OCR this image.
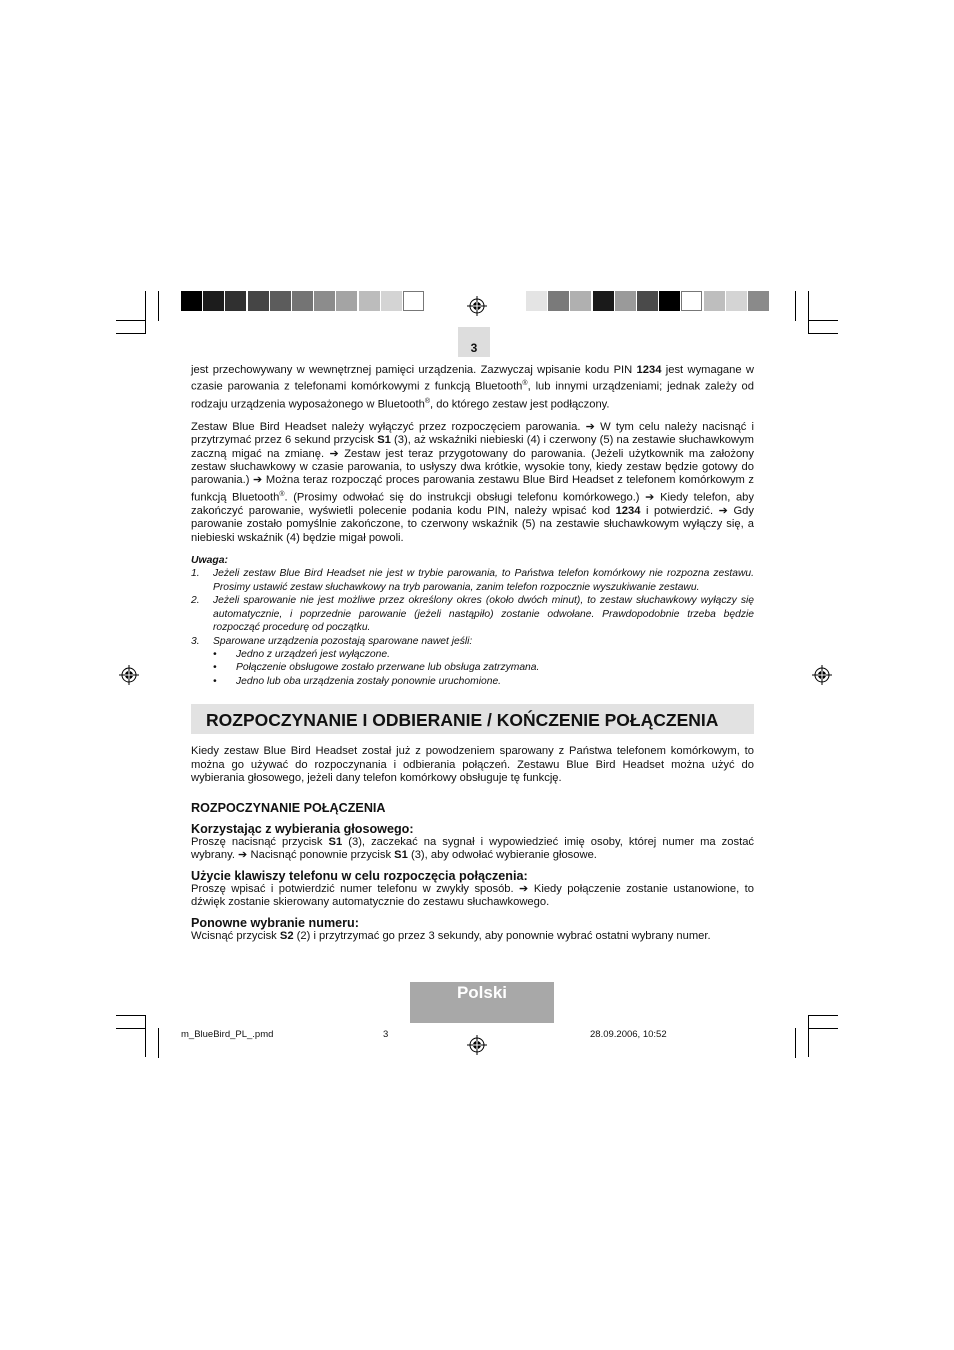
3

jest przechowywany w wewnętrznej pamięci urządzenia. Zazwyczaj wpisanie kodu PIN 1234 jest wymagane w czasie parowania z telefonami komórkowymi z funkcją Bluetooth®, lub innymi urządzeniami; jednak zależy od rodzaju urządzenia wyposażonego w Bluetooth®, do którego zestaw jest podłączony.

Zestaw Blue Bird Headset należy wyłączyć przez rozpoczęciem parowania. ➔ W tym celu należy nacisnąć i przytrzymać przez 6 sekund przycisk S1 (3), aż wskaźniki niebieski (4) i czerwony (5) na zestawie słuchawkowym zaczną migać na zmianę. ➔ Zestaw jest teraz przygotowany do parowania. (Jeżeli użytkownik ma założony zestaw słuchawkowy w czasie parowania, to usłyszy dwa krótkie, wysokie tony, kiedy zestaw będzie gotowy do parowania.) ➔ Można teraz rozpocząć proces parowania zestawu Blue Bird Headset z telefonem komórkowym z funkcją Bluetooth®. (Prosimy odwołać się do instrukcji obsługi telefonu komórkowego.) ➔ Kiedy telefon, aby zakończyć parowanie, wyświetli polecenie podania kodu PIN, należy wpisać kod 1234 i potwierdzić. ➔ Gdy parowanie zostało pomyślnie zakończone, to czerwony wskaźnik (5) na zestawie słuchawkowym wyłączy się, a niebieski wskaźnik (4) będzie migał powoli.

Uwaga:
1.	Jeżeli zestaw Blue Bird Headset nie jest w trybie parowania, to Państwa telefon komórkowy nie rozpozna zestawu. Prosimy ustawić zestaw słuchawkowy na tryb parowania, zanim telefon rozpocznie wyszukiwanie zestawu.
2.	Jeżeli sparowanie nie jest możliwe przez określony okres (około dwóch minut), to zestaw słuchawkowy wyłączy się automatycznie, i poprzednie parowanie (jeżeli nastąpiło) zostanie odwołane. Prawdopodobnie trzeba będzie rozpocząć procedurę od początku.
3.	Sparowane urządzenia pozostają sparowane nawet jeśli:
•	Jedno z urządzeń jest wyłączone.
•	Połączenie obsługowe zostało przerwane lub obsługa zatrzymana.
•	Jedno lub oba urządzenia zostały ponownie uruchomione.
ROZPOCZYNANIE I ODBIERANIE / KOŃCZENIE POŁĄCZENIA

Kiedy zestaw Blue Bird Headset został już z powodzeniem sparowany z Państwa telefonem komórkowym, to można go używać do rozpoczynania i odbierania połączeń. Zestawu Blue Bird Headset można użyć do wybierania głosowego, jeżeli dany telefon komórkowy obsługuje tę funkcję.

ROZPOCZYNANIE POŁĄCZENIA
Korzystając z wybierania głosowego:

Proszę nacisnąć przycisk S1 (3), zaczekać na sygnał i wypowiedzieć imię osoby, której numer ma zostać wybrany. ➔ Nacisnąć ponownie przycisk S1 (3), aby odwołać wybieranie głosowe.

Użycie klawiszy telefonu w celu rozpoczęcia połączenia:

Proszę wpisać i potwierdzić numer telefonu w zwykły sposób. ➔ Kiedy połączenie zostanie ustanowione, to dźwięk zostanie skierowany automatycznie do zestawu słuchawkowego.

Ponowne wybranie numeru:

Wcisnąć przycisk S2 (2) i przytrzymać go przez 3 sekundy, aby ponownie wybrać ostatni wybrany numer.

Polski
m_BlueBird_PL_.pmd	3	28.09.2006, 10:52
